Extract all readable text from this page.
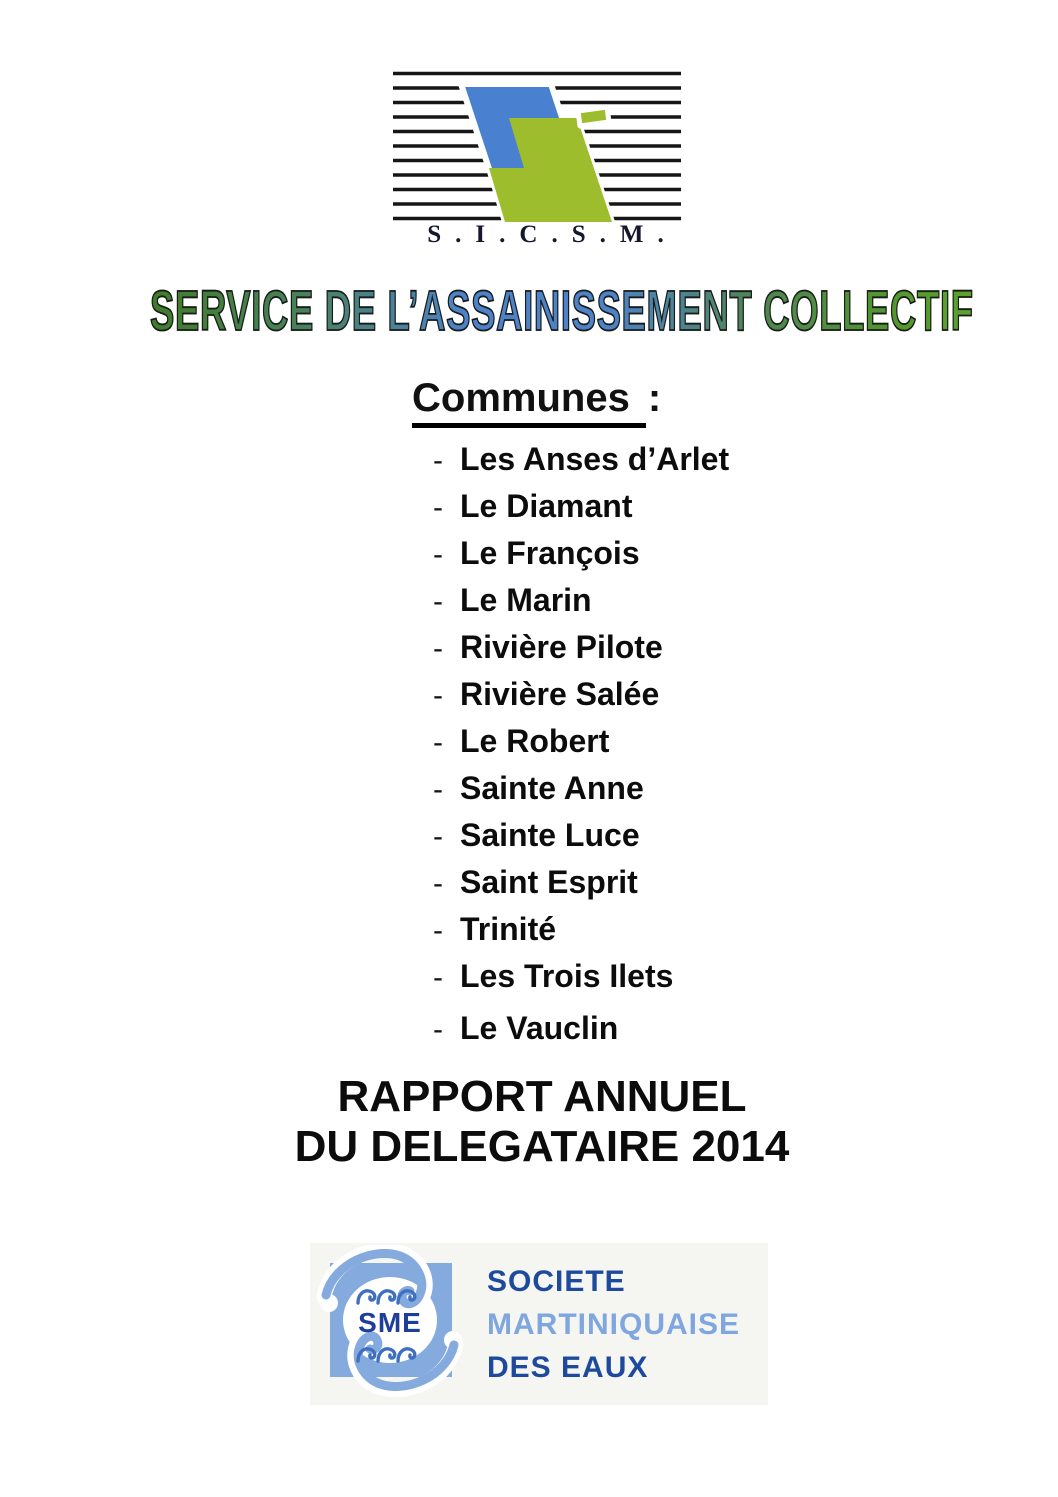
S.I.C.S.M.
SERVICE DE L’ASSAINISSEMENT COLLECTIF
Communes :
- Les Anses d’Arlet
- Le Diamant
- Le François
- Le Marin
- Rivière Pilote
- Rivière Salée
- Le Robert
- Sainte Anne
- Sainte Luce
- Saint Esprit
- Trinité
- Les Trois Ilets
- Le Vauclin
RAPPORT ANNUEL
DU DELEGATAIRE 2014
SME
SOCIETE
MARTINIQUAISE
DES EAUX
